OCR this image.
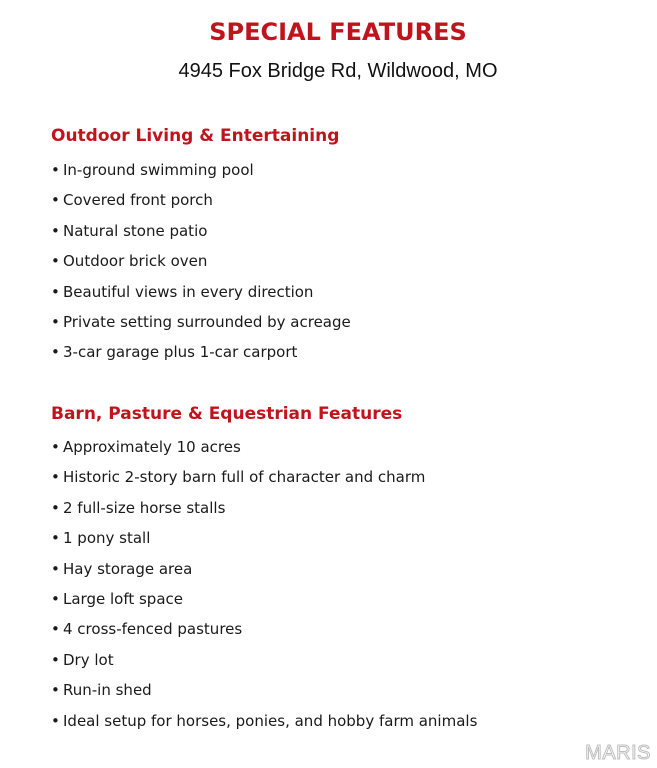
SPECIAL FEATURES
4945 Fox Bridge Rd, Wildwood, MO
Outdoor Living & Entertaining
• In-ground swimming pool
• Covered front porch
• Natural stone patio
• Outdoor brick oven
• Beautiful views in every direction
• Private setting surrounded by acreage
• 3-car garage plus 1-car carport
Barn, Pasture & Equestrian Features
• Approximately 10 acres
• Historic 2-story barn full of character and charm
• 2 full-size horse stalls
• 1 pony stall
• Hay storage area
• Large loft space
• 4 cross-fenced pastures
• Dry lot
• Run-in shed
• Ideal setup for horses, ponies, and hobby farm animals
MARIS
